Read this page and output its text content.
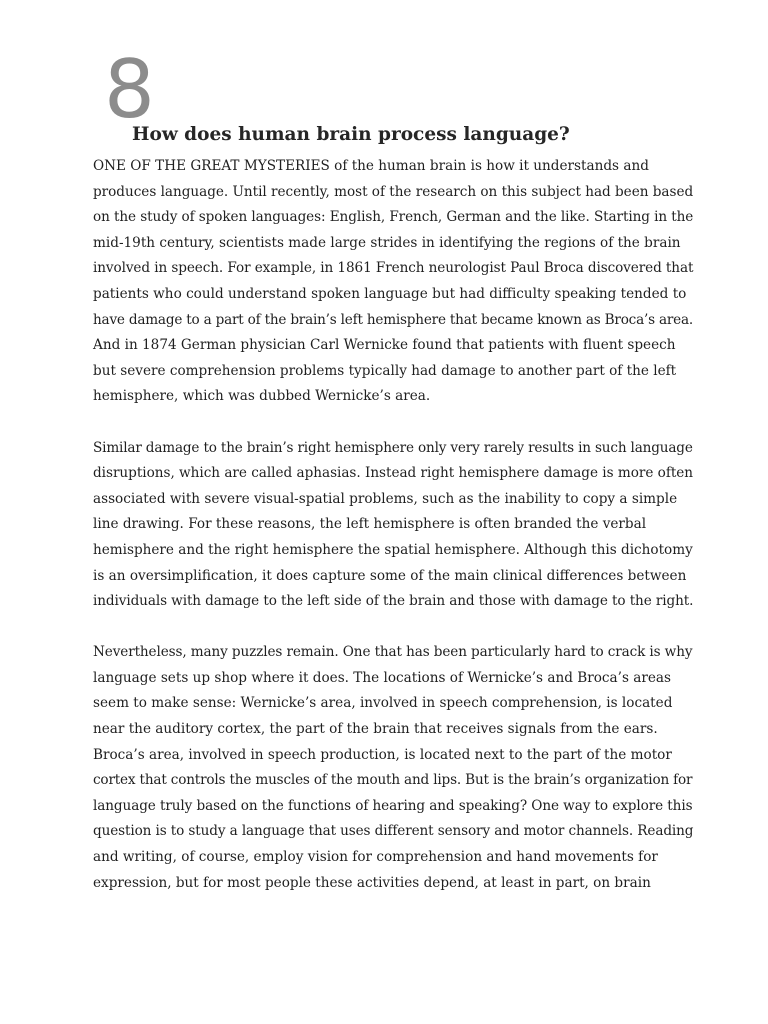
8
How does human brain process language?

ONE OF THE GREAT MYSTERIES of the human brain is how it understands and
produces language. Until recently, most of the research on this subject had been based
on the study of spoken languages: English, French, German and the like. Starting in the
mid-19th century, scientists made large strides in identifying the regions of the brain
involved in speech. For example, in 1861 French neurologist Paul Broca discovered that
patients who could understand spoken language but had difficulty speaking tended to
have damage to a part of the brain’s left hemisphere that became known as Broca’s area.
And in 1874 German physician Carl Wernicke found that patients with fluent speech
but severe comprehension problems typically had damage to another part of the left
hemisphere, which was dubbed Wernicke’s area.

Similar damage to the brain’s right hemisphere only very rarely results in such language
disruptions, which are called aphasias. Instead right hemisphere damage is more often
associated with severe visual-spatial problems, such as the inability to copy a simple
line drawing. For these reasons, the left hemisphere is often branded the verbal
hemisphere and the right hemisphere the spatial hemisphere. Although this dichotomy
is an oversimplification, it does capture some of the main clinical differences between
individuals with damage to the left side of the brain and those with damage to the right.

Nevertheless, many puzzles remain. One that has been particularly hard to crack is why
language sets up shop where it does. The locations of Wernicke’s and Broca’s areas
seem to make sense: Wernicke’s area, involved in speech comprehension, is located
near the auditory cortex, the part of the brain that receives signals from the ears.
Broca’s area, involved in speech production, is located next to the part of the motor
cortex that controls the muscles of the mouth and lips. But is the brain’s organization for
language truly based on the functions of hearing and speaking? One way to explore this
question is to study a language that uses different sensory and motor channels. Reading
and writing, of course, employ vision for comprehension and hand movements for
expression, but for most people these activities depend, at least in part, on brain
